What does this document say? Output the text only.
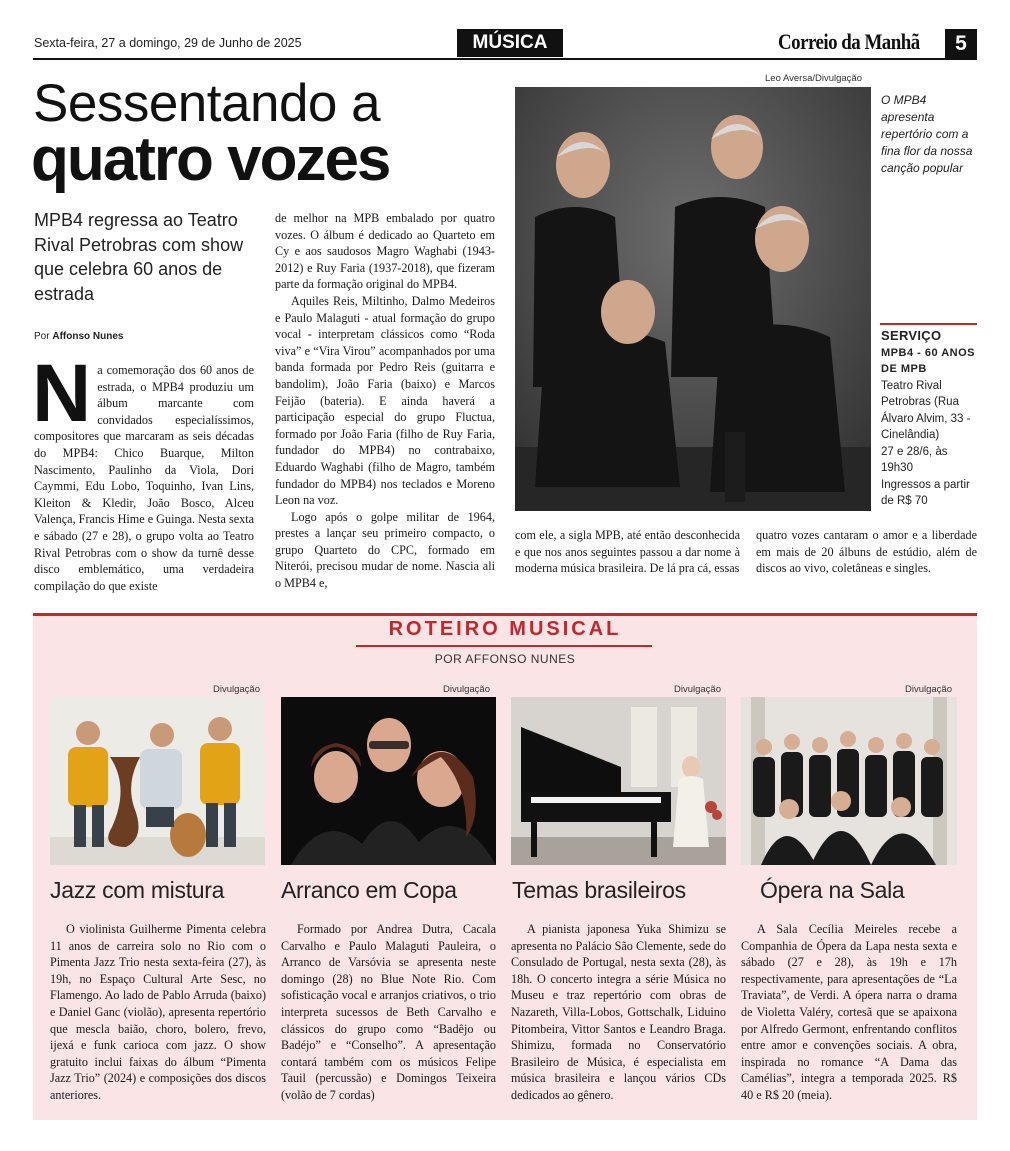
Sexta-feira, 27 a domingo, 29 de Junho de 2025	MÚSICA	Correio da Manhã	5
Sessentando a
quatro vozes
MPB4 regressa ao Teatro Rival Petrobras com show que celebra 60 anos de estrada
Por Affonso Nunes
N a comemoração dos 60 anos de estrada, o MPB4 produziu um álbum marcante com convidados especialíssimos, compositores que marcaram as seis décadas do MPB4: Chico Buarque, Milton Nascimento, Paulinho da Viola, Dori Caymmi, Edu Lobo, Toquinho, Ivan Lins, Kleiton & Kledir, João Bosco, Alceu Valença, Francis Hime e Guinga. Nesta sexta e sábado (27 e 28), o grupo volta ao Teatro Rival Petrobras com o show da turnê desse disco emblemático, uma verdadeira compilação do que existe

de melhor na MPB embalado por quatro vozes. O álbum é dedicado ao Quarteto em Cy e aos saudosos Magro Waghabi (1943-2012) e Ruy Faria (1937-2018), que fizeram parte da formação original do MPB4.

Aquiles Reis, Miltinho, Dalmo Medeiros e Paulo Malaguti - atual formação do grupo vocal - interpretam clássicos como “Roda viva” e “Vira Virou” acompanhados por uma banda formada por Pedro Reis (guitarra e bandolim), João Faria (baixo) e Marcos Feijão (bateria). E ainda haverá a participação especial do grupo Fluctua, formado por João Faria (filho de Ruy Faria, fundador do MPB4) no contrabaixo, Eduardo Waghabi (filho de Magro, também fundador do MPB4) nos teclados e Moreno Leon na voz.

Logo após o golpe militar de 1964, prestes a lançar seu primeiro compacto, o grupo Quarteto do CPC, formado em Niterói, precisou mudar de nome. Nascia ali o MPB4 e,

Leo Aversa/Divulgação
O MPB4 apresenta repertório com a fina flor da nossa canção popular
SERVIÇO
MPB4 - 60 ANOS DE MPB
Teatro Rival Petrobras (Rua Álvaro Alvim, 33 - Cinelândia)
27 e 28/6, às 19h30
Ingressos a partir de R$ 70
com ele, a sigla MPB, até então desconhecida e que nos anos seguintes passou a dar nome à moderna música brasileira. De lá pra cá, essas
quatro vozes cantaram o amor e a liberdade em mais de 20 álbuns de estúdio, além de discos ao vivo, coletâneas e singles.
ROTEIRO MUSICAL
POR AFFONSO NUNES
Divulgação
Jazz com mistura

O violinista Guilherme Pimenta celebra 11 anos de carreira solo no Rio com o Pimenta Jazz Trio nesta sexta-feira (27), às 19h, no Espaço Cultural Arte Sesc, no Flamengo. Ao lado de Pablo Arruda (baixo) e Daniel Ganc (violão), apresenta repertório que mescla baião, choro, bolero, frevo, ijexá e funk carioca com jazz. O show gratuito inclui faixas do álbum “Pimenta Jazz Trio” (2024) e composições dos discos anteriores.

Divulgação
Arranco em Copa

Formado por Andrea Dutra, Cacala Carvalho e Paulo Malaguti Pauleira, o Arranco de Varsóvia se apresenta neste domingo (28) no Blue Note Rio. Com sofisticação vocal e arranjos criativos, o trio interpreta sucessos de Beth Carvalho e clássicos do grupo como “Badêjo ou Badéjo” e “Conselho”. A apresentação contará também com os músicos Felipe Tauil (percussão) e Domingos Teixeira (volão de 7 cordas)

Divulgação
Temas brasileiros

A pianista japonesa Yuka Shimizu se apresenta no Palácio São Clemente, sede do Consulado de Portugal, nesta sexta (28), às 18h. O concerto integra a série Música no Museu e traz repertório com obras de Nazareth, Villa-Lobos, Gottschalk, Liduino Pitombeira, Vittor Santos e Leandro Braga. Shimizu, formada no Conservatório Brasileiro de Música, é especialista em música brasileira e lançou vários CDs dedicados ao gênero.

Divulgação
Ópera na Sala

A Sala Cecília Meireles recebe a Companhia de Ópera da Lapa nesta sexta e sábado (27 e 28), às 19h e 17h respectivamente, para apresentações de “La Traviata”, de Verdi. A ópera narra o drama de Violetta Valéry, cortesã que se apaixona por Alfredo Germont, enfrentando conflitos entre amor e convenções sociais. A obra, inspirada no romance “A Dama das Camélias”, integra a temporada 2025. R$ 40 e R$ 20 (meia).
